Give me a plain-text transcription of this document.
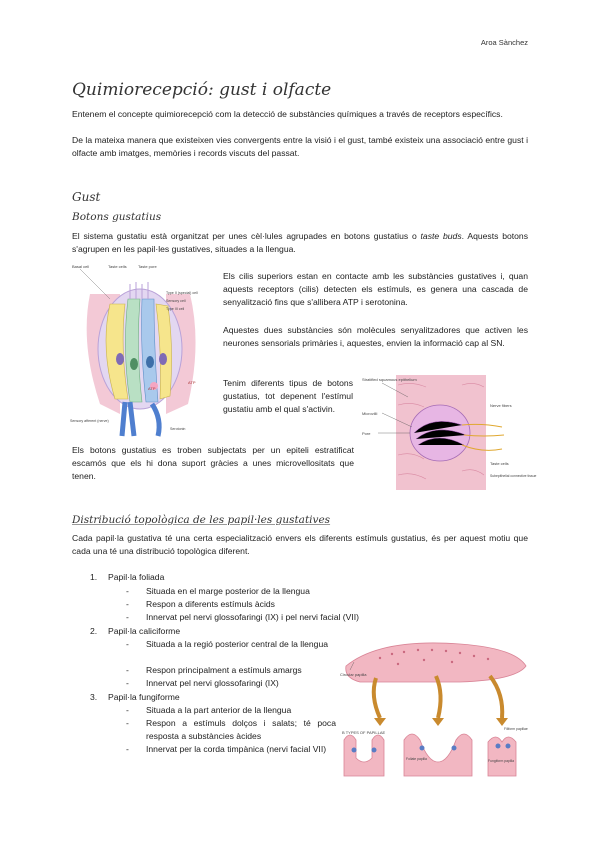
Aroa Sànchez
Quimiorecepció: gust i olfacte
Entenem el concepte quimiorecepció com la detecció de substàncies químiques a través de receptors específics.
De la mateixa manera que existeixen vies convergents entre la visió i el gust, també existeix una associació entre gust i olfacte amb imatges, memòries i records viscuts del passat.
Gust
Botons gustatius
El sistema gustatiu està organitzat per unes cèl·lules agrupades en botons gustatius o taste buds. Aquests botons s'agrupen en les papil·les gustatives, situades a la llengua.
ATP
Basal cell	Taste cells	Taste pore
Type II (special) cell
Sensory cell
Sensory afferent (nerve)
Type III cell
ATP
Serotonin
Els cilis superiors estan en contacte amb les substàncies gustatives i, quan aquests receptors (cilis) detecten els estímuls, es genera una cascada de senyalització fins que s'allibera ATP i serotonina.
Aquestes dues substàncies són molècules senyalitzadores que activen les neurones sensorials primàries i, aquestes, envien la informació cap al SN.
Tenim diferents tipus de botons gustatius, tot depenent l'estímul gustatiu amb el qual s'activin.
Els botons gustatius es troben subjectats per un epiteli estratificat escamós que els hi dona suport gràcies a unes microvellositats que tenen.
Stratified squamous epithelium
Microvilli
Pore
Nerve fibers
Taste cells
Subepithelial connective tissue
Distribució topològica de les papil·les gustatives
Cada papil·la gustativa té una certa especialització envers els diferents estímuls gustatius, és per aquest motiu que cada una té una distribució topològica diferent.
1. Papil·la foliada
- Situada en el marge posterior de la llengua
- Respon a diferents estímuls àcids
- Innervat pel nervi glossofaringi (IX) i pel nervi facial (VII)
2. Papil·la caliciforme
- Situada a la regió posterior central de la llengua
- Respon principalment a estímuls amargs
- Innervat pel nervi glossofaringi (IX)
3. Papil·la fungiforme
- Situada a la part anterior de la llengua
- Respon a estímuls dolços i salats; té poca resposta a substàncies àcides
- Innervat per la corda timpànica (nervi facial VII)
Circular papilla
B TYPES OF PAPILLAE
Foliate papilla
Filiform papillae
Fungiform papilla
